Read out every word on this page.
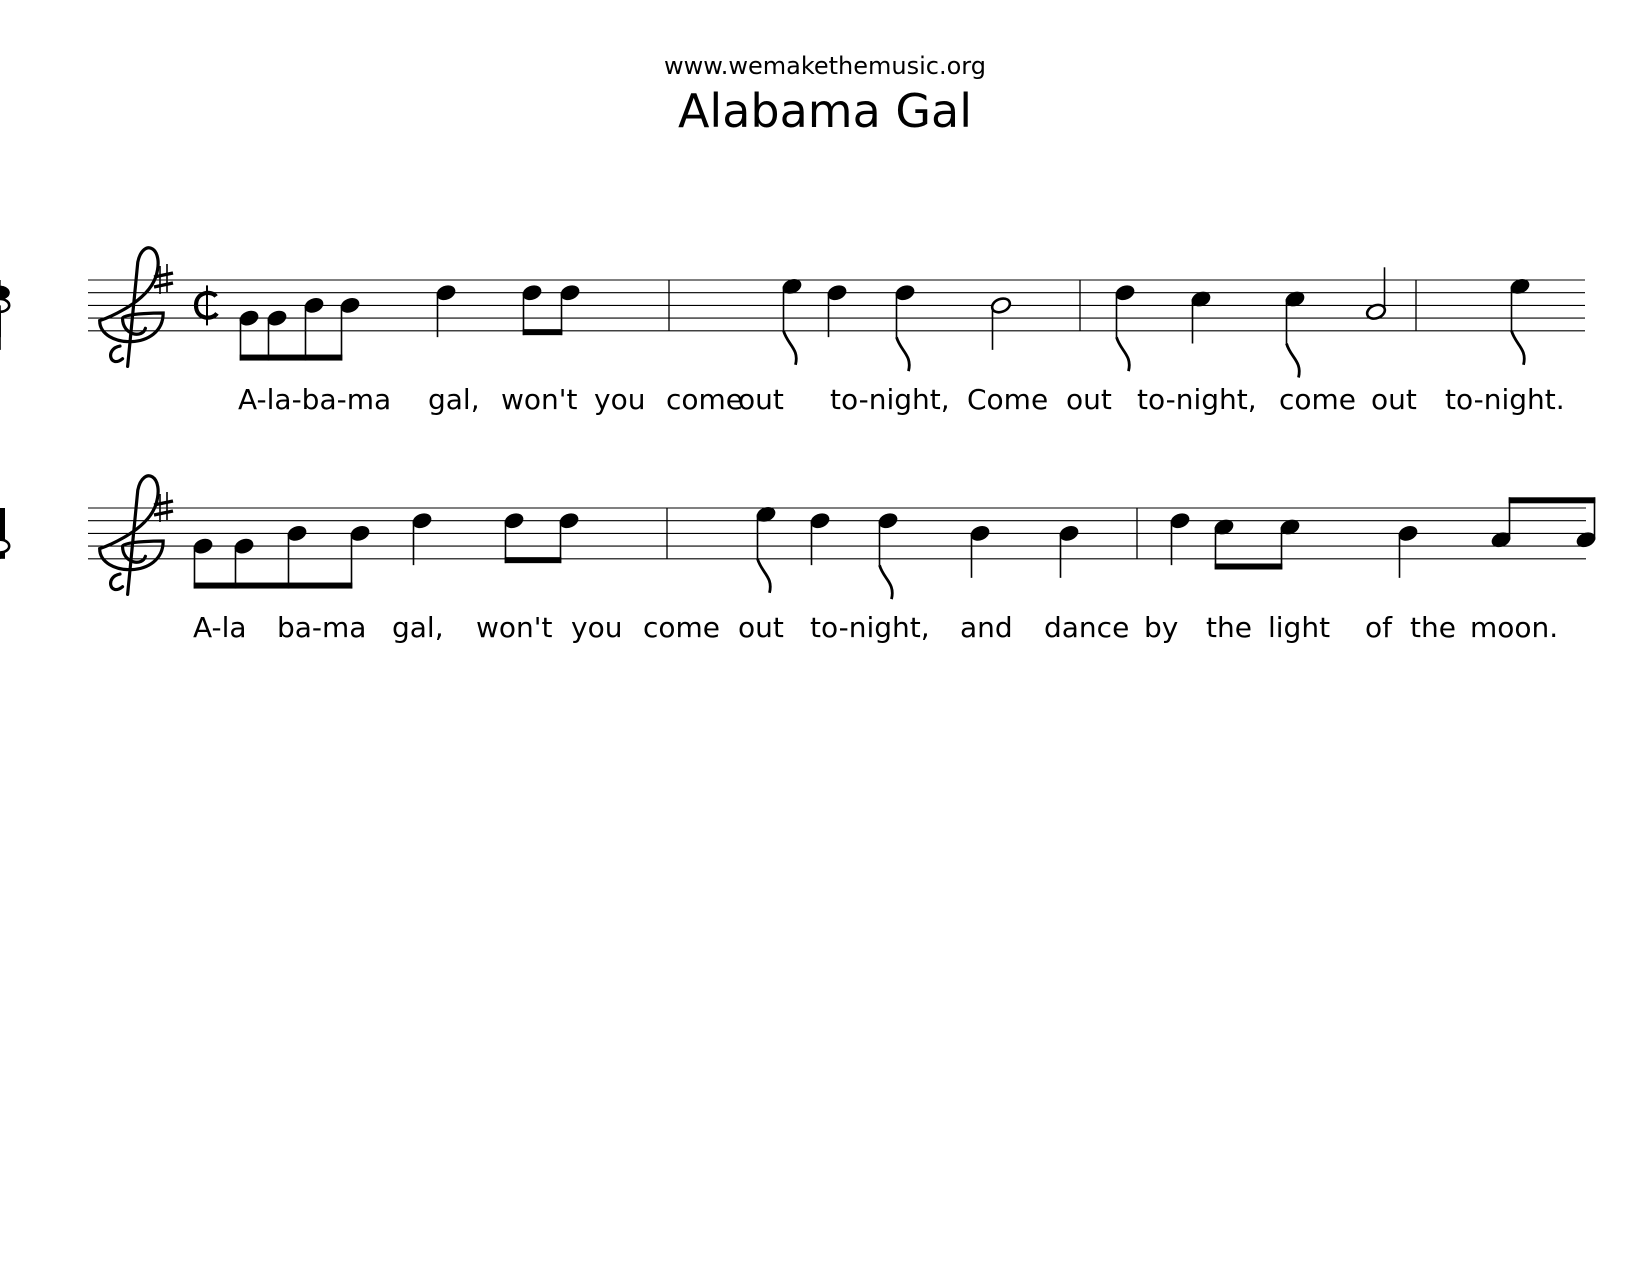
www.wemakethemusic.org
Alabama Gal
A-la-ba-ma gal, won't you come
out to-night, Come out to-night, come out to-night.
A-la ba-ma gal, won't you come out to-night, and dance by the light of the moon.
